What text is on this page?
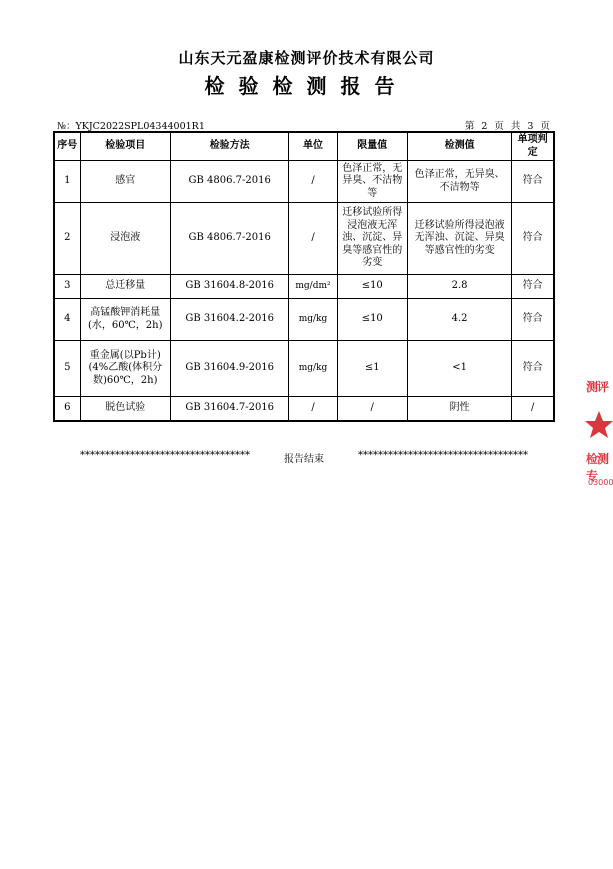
山东天元盈康检测评价技术有限公司
检验检测报告
№：YKJC2022SPL04344001R1	第 2 页 共 3 页
序号	检验项目	检验方法	单位	限量值	检测值	单项判定
1	感官	GB 4806.7-2016	/	色泽正常，无异臭、不洁物等	色泽正常，无异臭、不洁物等	符合
2	浸泡液	GB 4806.7-2016	/	迁移试验所得浸泡液无浑浊、沉淀、异臭等感官性的劣变	迁移试验所得浸泡液无浑浊、沉淀、异臭等感官性的劣变	符合
3	总迁移量	GB 31604.8-2016	mg/dm²	≤10	2.8	符合
4	高锰酸钾消耗量(水，60℃，2h)	GB 31604.2-2016	mg/kg	≤10	4.2	符合
5	重金属(以Pb计)(4%乙酸(体积分数)60℃，2h)	GB 31604.9-2016	mg/kg	≤1	<1	符合
6	脱色试验	GB 31604.7-2016	/	/	阴性	/
**********************************	报告结束	**********************************
测评
检测专
03000
